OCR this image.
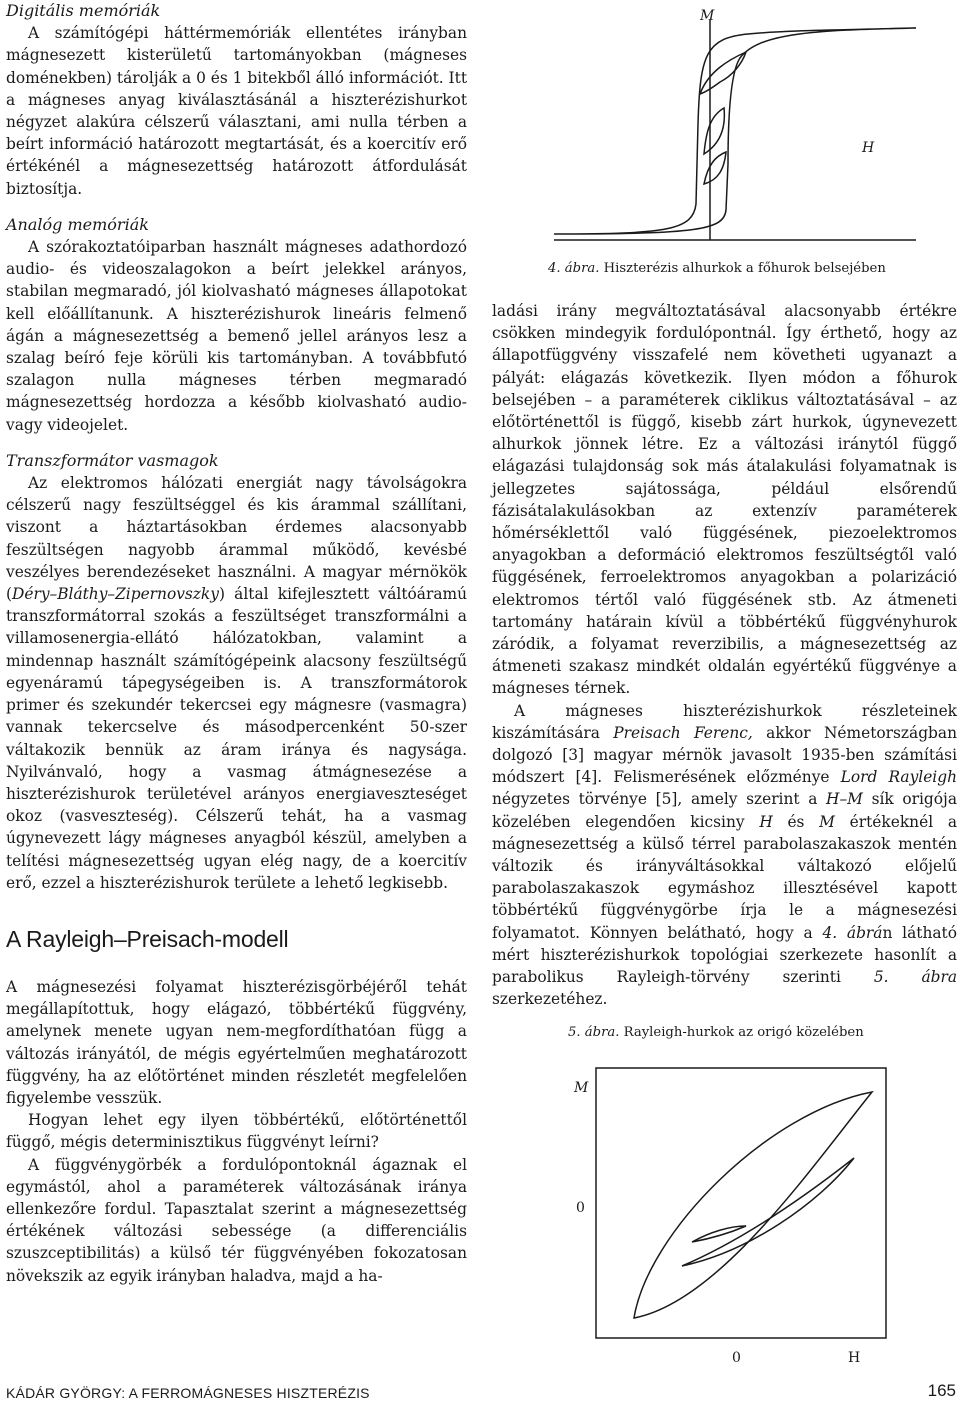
Digitális memóriák

A számítógépi háttérmemóriák ellentétes irányban mágnesezett kisterületű tartományokban (mágneses doménekben) tárolják a 0 és 1 bitekből álló információt. Itt a mágneses anyag kiválasztásánál a hiszterézishurkot négyzet alakúra célszerű választani, ami nulla térben a beírt információ határozott megtartását, és a koercitív erő értékénél a mágnesezettség határozott átfordulását biztosítja.

Analóg memóriák

A szórakoztatóiparban használt mágneses adathordozó audio- és videoszalagokon a beírt jelekkel arányos, stabilan megmaradó, jól kiolvasható mágneses állapotokat kell előállítanunk. A hiszterézishurok lineáris felmenő ágán a mágnesezettség a bemenő jellel arányos lesz a szalag beíró feje körüli kis tartományban. A továbbfutó szalagon nulla mágneses térben megmaradó mágnesezettség hordozza a később kiolvasható audio- vagy videojelet.

Transzformátor vasmagok

Az elektromos hálózati energiát nagy távolságokra célszerű nagy feszültséggel és kis árammal szállítani, viszont a háztartásokban érdemes alacsonyabb feszültségen nagyobb árammal működő, kevésbé veszélyes berendezéseket használni. A magyar mérnökök (Déry–Bláthy–Zipernovszky) által kifejlesztett váltóáramú transzformátorral szokás a feszültséget transzformálni a villamosenergia-ellátó hálózatokban, valamint a mindennap használt számítógépeink alacsony feszültségű egyenáramú tápegységeiben is. A transzformátorok primer és szekundér tekercsei egy mágnesre (vasmagra) vannak tekercselve és másodpercenként 50-szer váltakozik bennük az áram iránya és nagysága. Nyilvánvaló, hogy a vasmag átmágnesezése a hiszterézishurok területével arányos energiaveszteséget okoz (vasveszteség). Célszerű tehát, ha a vasmag úgynevezett lágy mágneses anyagból készül, amelyben a telítési mágnesezettség ugyan elég nagy, de a koercitív erő, ezzel a hiszterézishurok területe a lehető legkisebb.

A Rayleigh–Preisach-modell

A mágnesezési folyamat hiszterézisgörbéjéről tehát megállapítottuk, hogy elágazó, többértékű függvény, amelynek menete ugyan nem-megfordíthatóan függ a változás irányától, de mégis egyértelműen meghatározott függvény, ha az előtörténet minden részletét megfelelően figyelembe vesszük.

Hogyan lehet egy ilyen többértékű, előtörténettől függő, mégis determinisztikus függvényt leírni?

A függvénygörbék a fordulópontoknál ágaznak el egymástól, ahol a paraméterek változásának iránya ellenkezőre fordul. Tapasztalat szerint a mágnesezettség értékének változási sebessége (a differenciális szuszceptibilitás) a külső tér függvényében fokozatosan növekszik az egyik irányban haladva, majd a ha-

M
H
4. ábra. Hiszterézis alhurkok a főhurok belsejében

ladási irány megváltoztatásával alacsonyabb értékre csökken mindegyik fordulópontnál. Így érthető, hogy az állapotfüggvény visszafelé nem követheti ugyanazt a pályát: elágazás következik. Ilyen módon a főhurok belsejében – a paraméterek ciklikus változtatásával – az előtörténettől is függő, kisebb zárt hurkok, úgynevezett alhurkok jönnek létre. Ez a változási iránytól függő elágazási tulajdonság sok más átalakulási folyamatnak is jellegzetes sajátossága, például elsőrendű fázisátalakulásokban az extenzív paraméterek hőmérséklettől való függésének, piezoelektromos anyagokban a deformáció elektromos feszültségtől való függésének, ferroelektromos anyagokban a polarizáció elektromos tértől való függésének stb. Az átmeneti tartomány határain kívül a többértékű függvényhurok záródik, a folyamat reverzibilis, a mágnesezettség az átmeneti szakasz mindkét oldalán egyértékű függvénye a mágneses térnek.

A mágneses hiszterézishurkok részleteinek kiszámítására Preisach Ferenc, akkor Németországban dolgozó [3] magyar mérnök javasolt 1935-ben számítási módszert [4]. Felismerésének előzménye Lord Rayleigh négyzetes törvénye [5], amely szerint a H–M sík origója közelében elegendően kicsiny H és M értékeknél a mágnesezettség a külső térrel parabolaszakaszok mentén változik és irányváltásokkal váltakozó előjelű parabolaszakaszok egymáshoz illesztésével kapott többértékű függvénygörbe írja le a mágnesezési folyamatot. Könnyen belátható, hogy a 4. ábrán látható mért hiszterézishurkok topológiai szerkezete hasonlít a parabolikus Rayleigh-törvény szerinti 5. ábra szerkezetéhez.

5. ábra. Rayleigh-hurkok az origó közelében
M
0
0	H
KÁDÁR GYÖRGY: A FERROMÁGNESES HISZTERÉZIS	165
